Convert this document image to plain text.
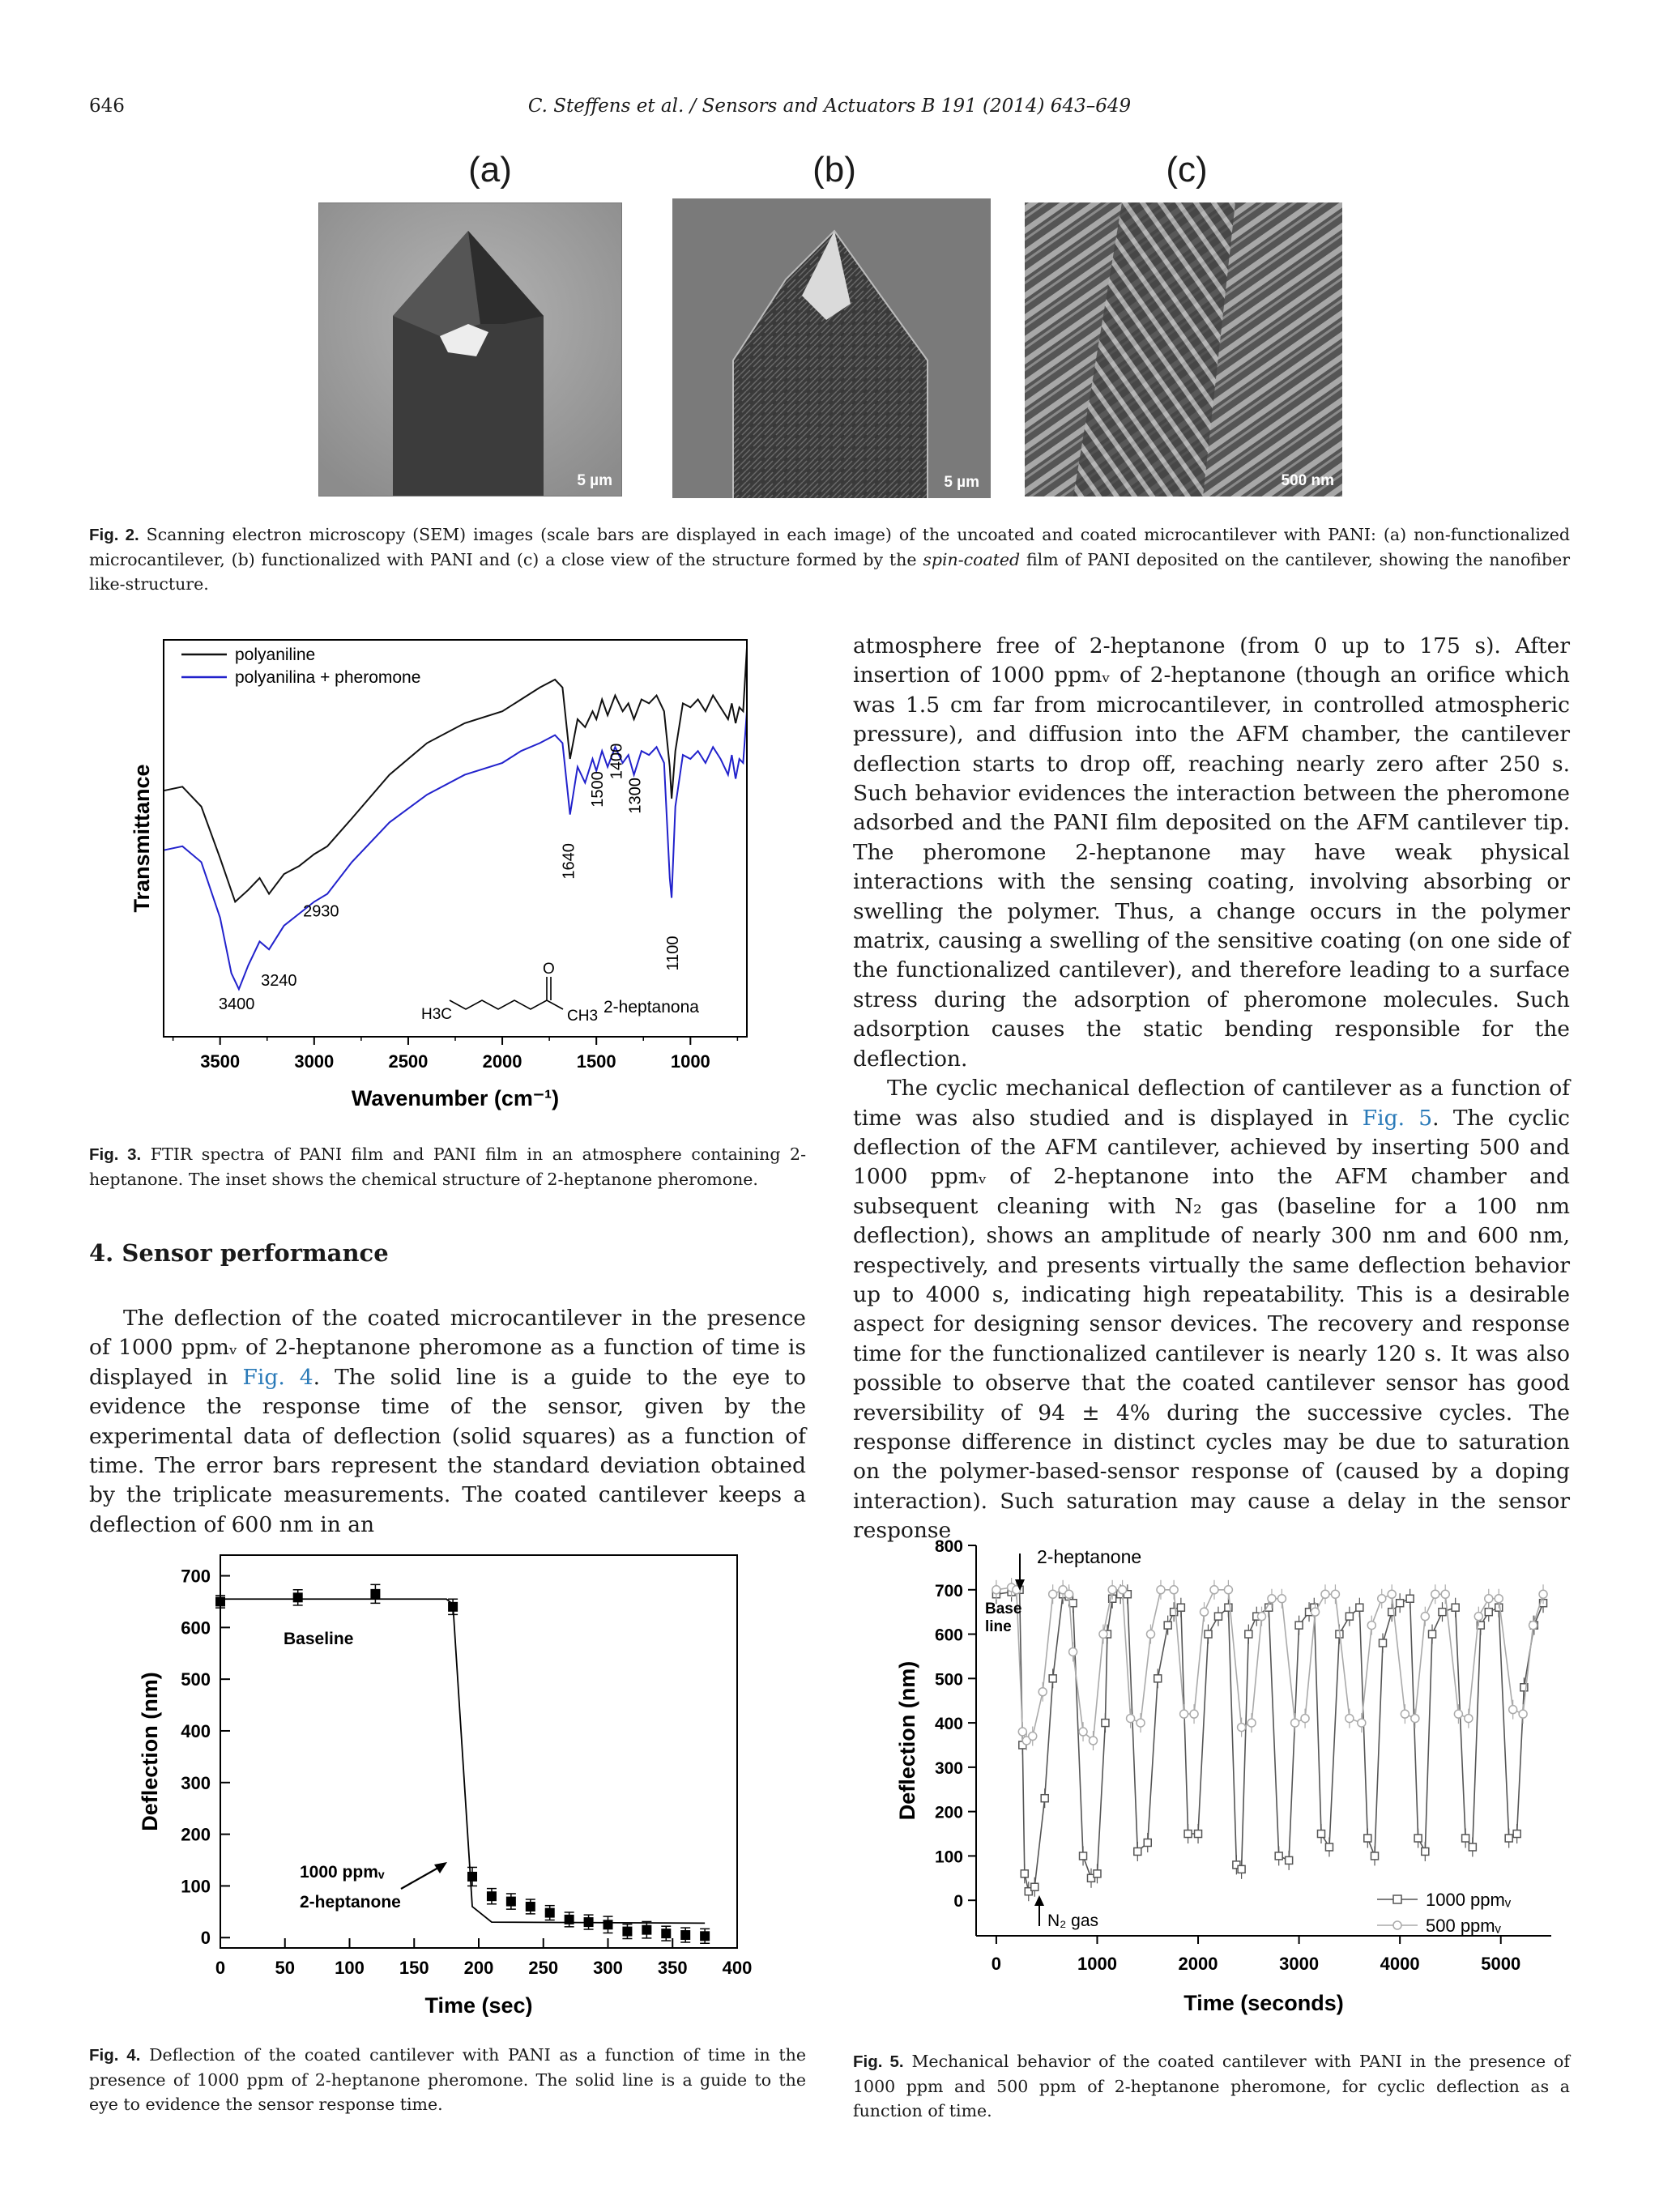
646	C. Steffens et al. / Sensors and Actuators B 191 (2014) 643–649
(a)	(b)	(c)
5 µm	5 µm	500 nm
Fig. 2. Scanning electron microscopy (SEM) images (scale bars are displayed in each image) of the uncoated and coated microcantilever with PANI: (a) non-functionalized microcantilever, (b) functionalized with PANI and (c) a close view of the structure formed by the spin-coated film of PANI deposited on the cantilever, showing the nanofiber like-structure.
3500	3000	2500	2000	1500	1000
Wavenumber (cm⁻¹)
Transmittance
polyaniline
polyanilina + pheromone
3400
3240
2930
1640
1500
1400
1300
1100
H3C
O
CH3 2-heptanona
Fig. 3. FTIR spectra of PANI film and PANI film in an atmosphere containing 2-heptanone. The inset shows the chemical structure of 2-heptanone pheromone.
4. Sensor performance

The deflection of the coated microcantilever in the presence of 1000 ppmᵥ of 2-heptanone pheromone as a function of time is displayed in Fig. 4. The solid line is a guide to the eye to evidence the response time of the sensor, given by the experimental data of deflection (solid squares) as a function of time. The error bars represent the standard deviation obtained by the triplicate measurements. The coated cantilever keeps a deflection of 600 nm in an

atmosphere free of 2-heptanone (from 0 up to 175 s). After insertion of 1000 ppmᵥ of 2-heptanone (though an orifice which was 1.5 cm far from microcantilever, in controlled atmospheric pressure), and diffusion into the AFM chamber, the cantilever deflection starts to drop off, reaching nearly zero after 250 s. Such behavior evidences the interaction between the pheromone adsorbed and the PANI film deposited on the AFM cantilever tip. The pheromone 2-heptanone may have weak physical interactions with the sensing coating, involving absorbing or swelling the polymer. Thus, a change occurs in the polymer matrix, causing a swelling of the sensitive coating (on one side of the functionalized cantilever), and therefore leading to a surface stress during the adsorption of pheromone molecules. Such adsorption causes the static bending responsible for the deflection.

The cyclic mechanical deflection of cantilever as a function of time was also studied and is displayed in Fig. 5. The cyclic deflection of the AFM cantilever, achieved by inserting 500 and 1000 ppmᵥ of 2-heptanone into the AFM chamber and subsequent cleaning with N₂ gas (baseline for a 100 nm deflection), shows an amplitude of nearly 300 nm and 600 nm, respectively, and presents virtually the same deflection behavior up to 4000 s, indicating high repeatability. This is a desirable aspect for designing sensor devices. The recovery and response time for the functionalized cantilever is nearly 120 s. It was also possible to observe that the coated cantilever sensor has good reversibility of 94 ± 4% during the successive cycles. The response difference in distinct cycles may be due to saturation on the polymer-based-sensor response of (caused by a doping interaction). Such saturation may cause a delay in the sensor response

0	50 100 150 200 250 300 350 400
0
100
200
300
400
500
600
700
Time (sec)
Deflection (nm)
Baseline
1000 ppmᵥ
2-heptanone
Fig. 4. Deflection of the coated cantilever with PANI as a function of time in the presence of 1000 ppm of 2-heptanone pheromone. The solid line is a guide to the eye to evidence the sensor response time.
0	1000	2000	3000	4000	5000
0
100
200
300
400
500
600
700
800
Time (seconds)
Deflection (nm)
1000 ppmᵥ
500 ppmᵥ
2-heptanone
Base
line
N₂ gas
Fig. 5. Mechanical behavior of the coated cantilever with PANI in the presence of 1000 ppm and 500 ppm of 2-heptanone pheromone, for cyclic deflection as a function of time.
